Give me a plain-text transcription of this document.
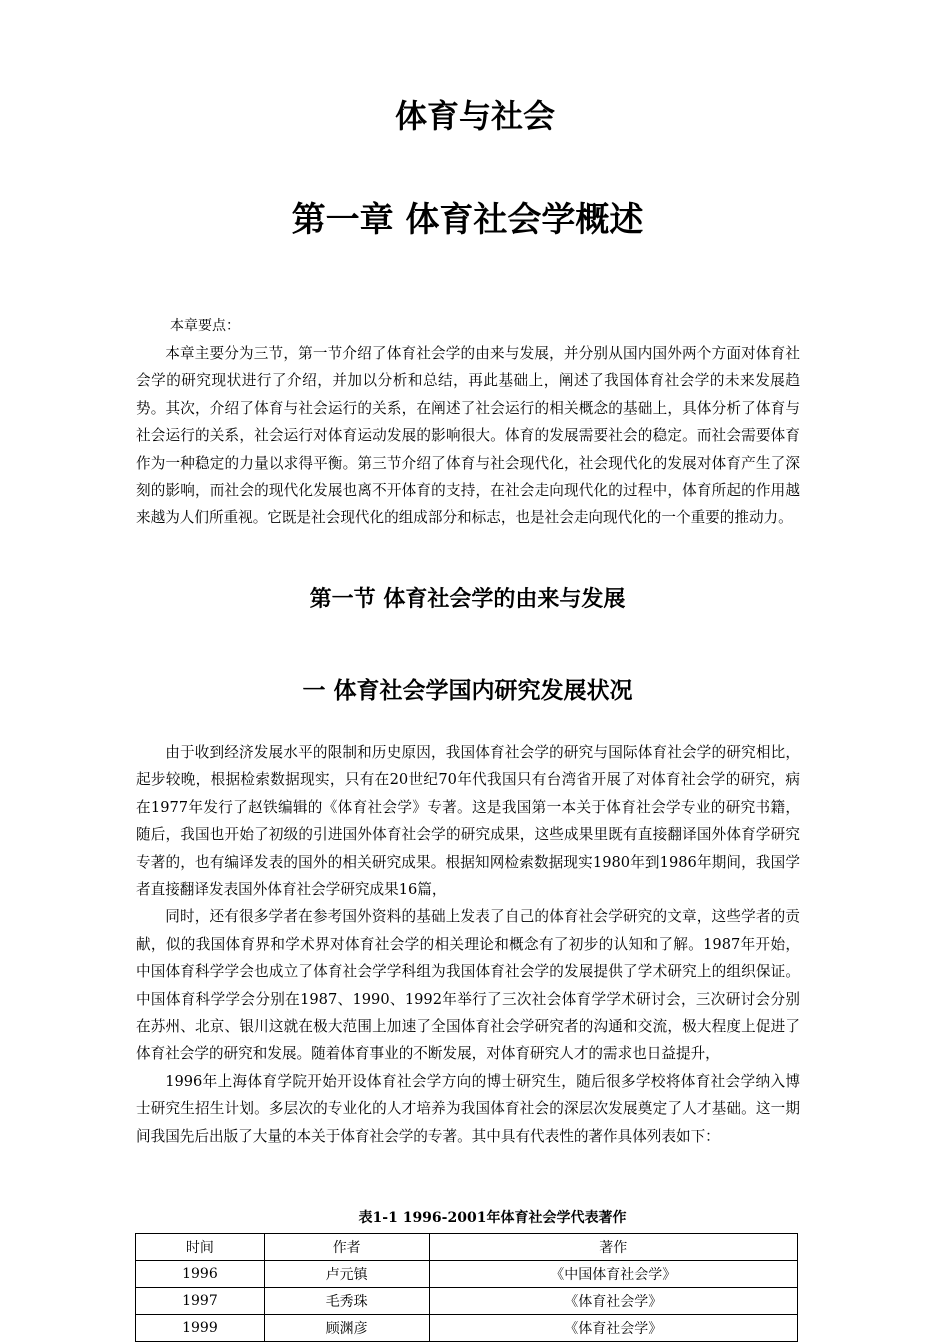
体育与社会
第一章 体育社会学概述
本章要点：

本章主要分为三节，第一节介绍了体育社会学的由来与发展，并分别从国内国外两个方面对体育社会学的研究现状进行了介绍，并加以分析和总结，再此基础上，阐述了我国体育社会学的未来发展趋势。其次，介绍了体育与社会运行的关系，在阐述了社会运行的相关概念的基础上，具体分析了体育与社会运行的关系，社会运行对体育运动发展的影响很大。体育的发展需要社会的稳定。而社会需要体育作为一种稳定的力量以求得平衡。第三节介绍了体育与社会现代化，社会现代化的发展对体育产生了深刻的影响，而社会的现代化发展也离不开体育的支持，在社会走向现代化的过程中，体育所起的作用越来越为人们所重视。它既是社会现代化的组成部分和标志，也是社会走向现代化的一个重要的推动力。

第一节 体育社会学的由来与发展
一 体育社会学国内研究发展状况

由于收到经济发展水平的限制和历史原因，我国体育社会学的研究与国际体育社会学的研究相比，起步较晚，根据检索数据现实，只有在20世纪70年代我国只有台湾省开展了对体育社会学的研究，病在1977年发行了赵铁编辑的《体育社会学》专著。这是我国第一本关于体育社会学专业的研究书籍，随后，我国也开始了初级的引进国外体育社会学的研究成果，这些成果里既有直接翻译国外体育学研究专著的，也有编译发表的国外的相关研究成果。根据知网检索数据现实1980年到1986年期间，我国学者直接翻译发表国外体育社会学研究成果16篇，

同时，还有很多学者在参考国外资料的基础上发表了自己的体育社会学研究的文章，这些学者的贡献，似的我国体育界和学术界对体育社会学的相关理论和概念有了初步的认知和了解。1987年开始，中国体育科学学会也成立了体育社会学学科组为我国体育社会学的发展提供了学术研究上的组织保证。中国体育科学学会分别在1987、1990、1992年举行了三次社会体育学学术研讨会，三次研讨会分别在苏州、北京、银川这就在极大范围上加速了全国体育社会学研究者的沟通和交流，极大程度上促进了体育社会学的研究和发展。随着体育事业的不断发展，对体育研究人才的需求也日益提升，

1996年上海体育学院开始开设体育社会学方向的博士研究生，随后很多学校将体育社会学纳入博士研究生招生计划。多层次的专业化的人才培养为我国体育社会的深层次发展奠定了人才基础。这一期间我国先后出版了大量的本关于体育社会学的专著。其中具有代表性的著作具体列表如下：

表1-1 1996-2001年体育社会学代表著作
时间	作者	著作
1996	卢元镇	《中国体育社会学》
1997	毛秀珠	《体育社会学》
1999	顾渊彦	《体育社会学》
